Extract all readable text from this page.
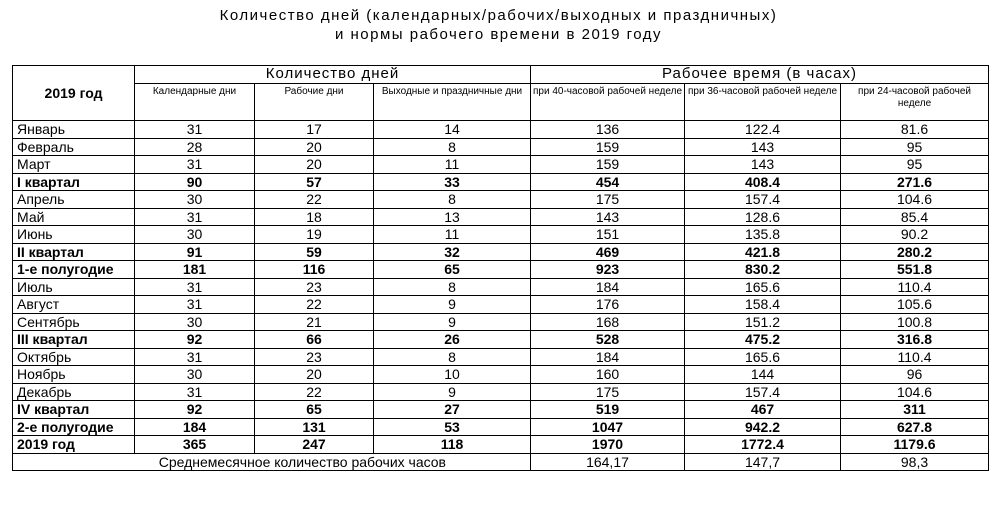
Количество дней (календарных/рабочих/выходных и праздничных)
и нормы рабочего времени в 2019 году
2019 год	Количество дней			Рабочее время (в часах)		
	Календарные дни	Рабочие дни	Выходные и праздничные дни	при 40-часовой рабочей неделе	при 36-часовой рабочей неделе	при 24-часовой рабочей неделе
Январь	31	17	14	136	122.4	81.6
Февраль	28	20	8	159	143	95
Март	31	20	11	159	143	95
I квартал	90	57	33	454	408.4	271.6
Апрель	30	22	8	175	157.4	104.6
Май	31	18	13	143	128.6	85.4
Июнь	30	19	11	151	135.8	90.2
II квартал	91	59	32	469	421.8	280.2
1-е полугодие	181	116	65	923	830.2	551.8
Июль	31	23	8	184	165.6	110.4
Август	31	22	9	176	158.4	105.6
Сентябрь	30	21	9	168	151.2	100.8
III квартал	92	66	26	528	475.2	316.8
Октябрь	31	23	8	184	165.6	110.4
Ноябрь	30	20	10	160	144	96
Декабрь	31	22	9	175	157.4	104.6
IV квартал	92	65	27	519	467	311
2-е полугодие	184	131	53	1047	942.2	627.8
2019 год	365	247	118	1970	1772.4	1179.6
Среднемесячное количество рабочих часов				164,17	147,7	98,3
